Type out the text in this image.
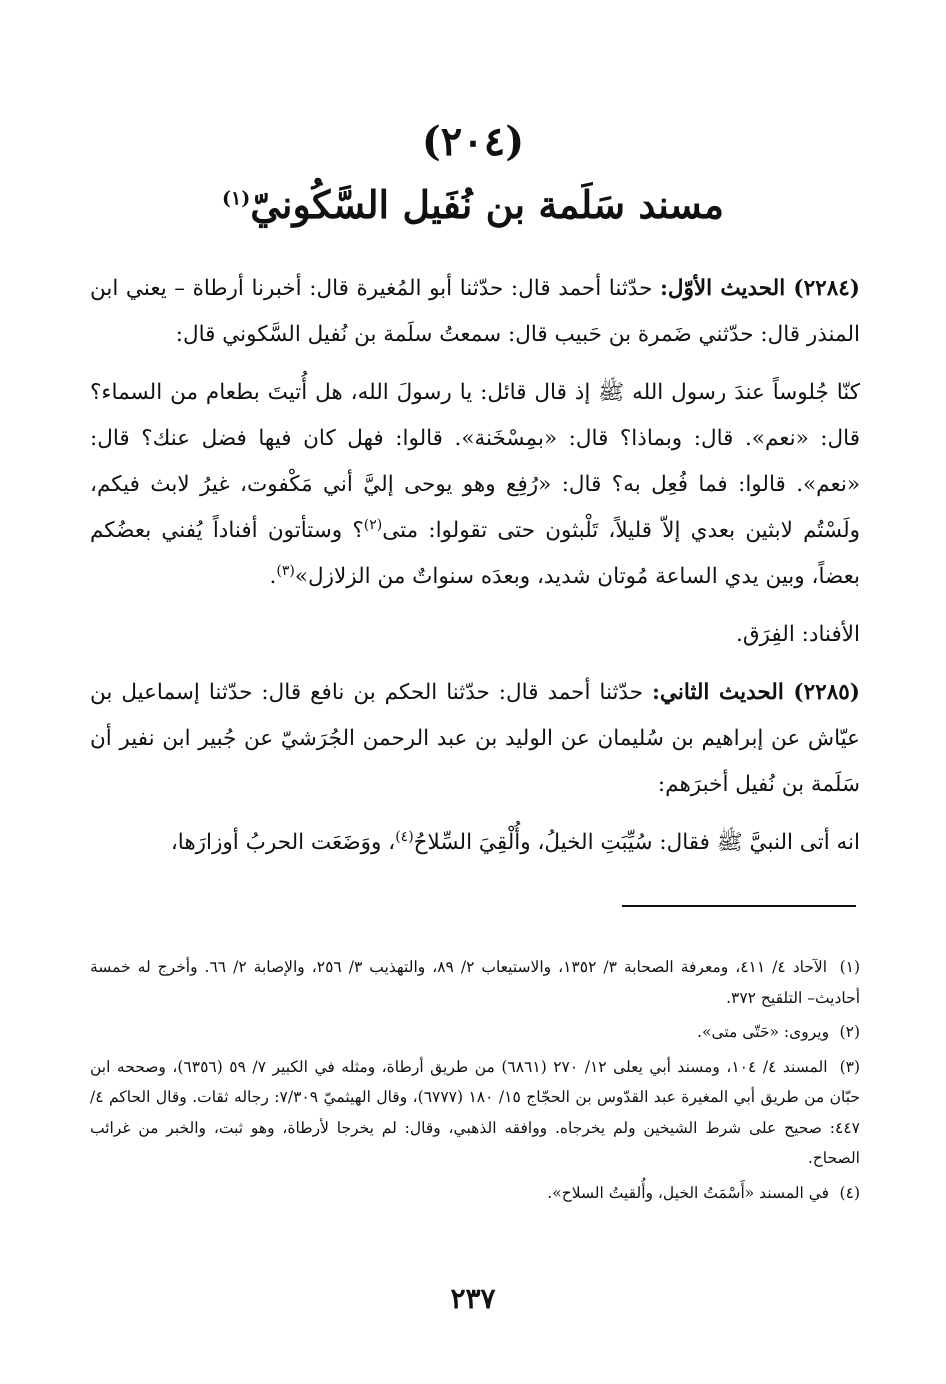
(٢٠٤)
مسند سَلَمة بن نُفَيل السَّكُونيّ$^{(١)}$

(٢٢٨٤) الحديث الأوّل: حدّثنا أحمد قال: حدّثنا أبو المُغيرة قال: أخبرنا أرطاة – يعني ابن المنذر قال: حدّثني ضَمرة بن حَبيب قال: سمعتُ سلَمة بن نُفيل السَّكوني قال:

كنّا جُلوساً عندَ رسول الله ﷺ إذ قال قائل: يا رسولَ الله، هل أُتيتَ بطعام من السماء؟ قال: «نعم». قال: وبماذا؟ قال: «بمِسْخَنة». قالوا: فهل كان فيها فضل عنك؟ قال: «نعم». قالوا: فما فُعِل به؟ قال: «رُفِع وهو يوحى إليَّ أني مَكْفوت، غيرُ لابث فيكم، ولَسْتُم لابثين بعدي إلاّ قليلاً، تَلْبثون حتى تقولوا: متى$^{(٢)}$؟ وستأتون أفناداً يُفني بعضُكم بعضاً، وبين يدي الساعة مُوتان شديد، وبعدَه سنواتٌ من الزلازل»$^{(٣)}$.

الأفناد: الفِرَق.

(٢٢٨٥) الحديث الثاني: حدّثنا أحمد قال: حدّثنا الحكم بن نافع قال: حدّثنا إسماعيل بن عيّاش عن إبراهيم بن سُليمان عن الوليد بن عبد الرحمن الجُرَشيّ عن جُبير ابن نفير أن سَلَمة بن نُفيل أخبرَهم:

انه أتى النبيَّ ﷺ فقال: سُيِّبَتِ الخيلُ، وأُلْقِيَ السِّلاحُ$^{(٤)}$، ووَضَعَت الحربُ أوزارَها،

(١) الآحاد ٤/ ٤١١، ومعرفة الصحابة ٣/ ١٣٥٢، والاستيعاب ٢/ ٨٩، والتهذيب ٣/ ٢٥٦، والإصابة ٢/ ٦٦. وأخرج له خمسة أحاديث– التلقيح ٣٧٢.

(٢) ويروى: «حَتّى متى».

(٣) المسند ٤/ ١٠٤، ومسند أبي يعلى ١٢/ ٢٧٠ (٦٨٦١) من طريق أرطاة، ومثله في الكبير ٧/ ٥٩ (٦٣٥٦)، وصححه ابن حبّان من طريق أبي المغيرة عبد القدّوس بن الحجّاج ١٥/ ١٨٠ (٦٧٧٧)، وقال الهيثميّ ٧/٣٠٩: رجاله ثقات. وقال الحاكم ٤/ ٤٤٧: صحيح على شرط الشيخين ولم يخرجاه. ووافقه الذهبي، وقال: لم يخرجا لأرطاة، وهو ثبت، والخبر من غرائب الصحاح.

(٤) في المسند «أَسْمَتُ الخيل، وأُلقيتُ السلاح».

٢٣٧
